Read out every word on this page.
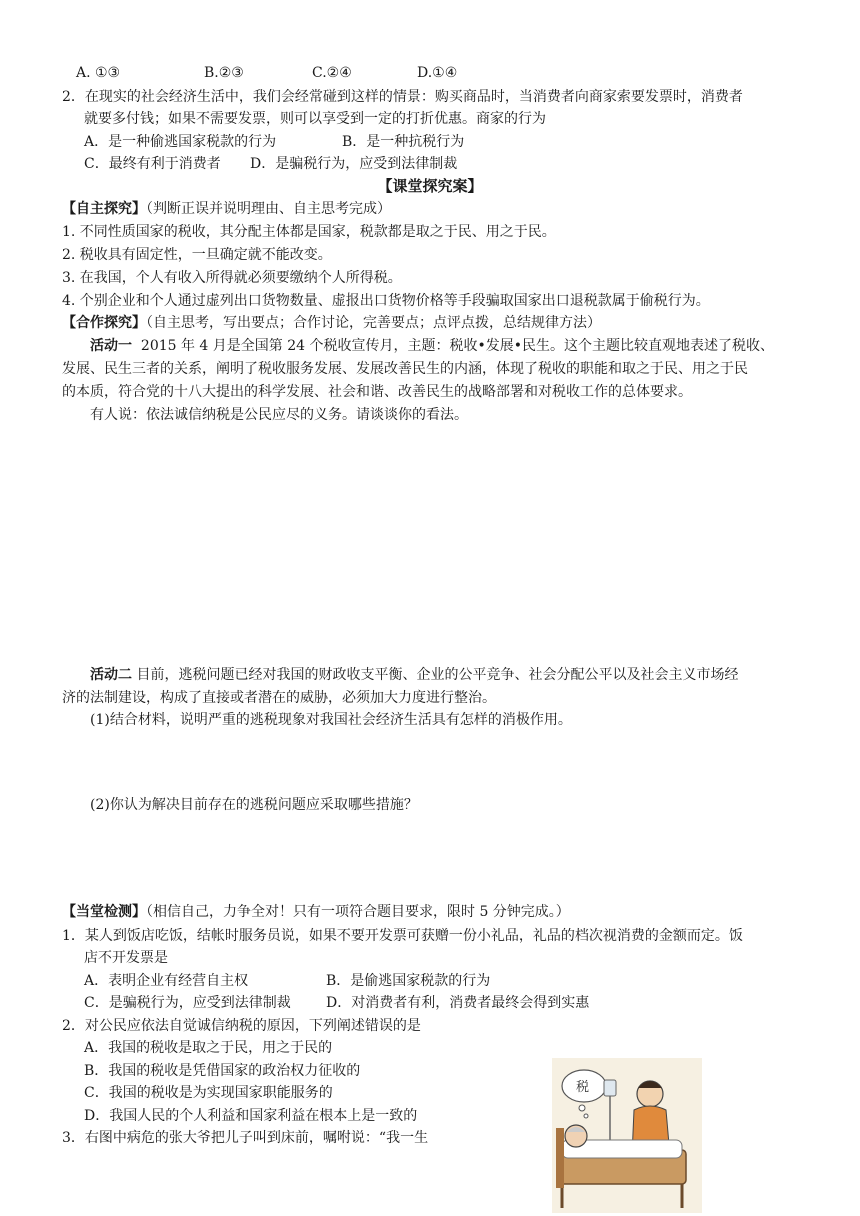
A. ①③	B.②③	C.②④	D.①④
2．在现实的社会经济生活中，我们会经常碰到这样的情景：购买商品时，当消费者向商家索要发票时，消费者
就要多付钱；如果不需要发票，则可以享受到一定的打折优惠。商家的行为
A．是一种偷逃国家税款的行为	B．是一种抗税行为
C．最终有利于消费者 D．是骗税行为，应受到法律制裁
【课堂探究案】
【自主探究】（判断正误并说明理由、自主思考完成）
1. 不同性质国家的税收，其分配主体都是国家，税款都是取之于民、用之于民。
2. 税收具有固定性，一旦确定就不能改变。
3. 在我国，个人有收入所得就必须要缴纳个人所得税。
4. 个别企业和个人通过虚列出口货物数量、虚报出口货物价格等手段骗取国家出口退税款属于偷税行为。
【合作探究】（自主思考，写出要点；合作讨论，完善要点；点评点拨，总结规律方法）
活动一 2015 年 4 月是全国第 24 个税收宣传月，主题：税收•发展•民生。这个主题比较直观地表述了税收、
发展、民生三者的关系，阐明了税收服务发展、发展改善民生的内涵，体现了税收的职能和取之于民、用之于民
的本质，符合党的十八大提出的科学发展、社会和谐、改善民生的战略部署和对税收工作的总体要求。
有人说：依法诚信纳税是公民应尽的义务。请谈谈你的看法。
活动二 目前，逃税问题已经对我国的财政收支平衡、企业的公平竞争、社会分配公平以及社会主义市场经
济的法制建设，构成了直接或者潜在的威胁，必须加大力度进行整治。
(1)结合材料，说明严重的逃税现象对我国社会经济生活具有怎样的消极作用。
(2)你认为解决目前存在的逃税问题应采取哪些措施？
【当堂检测】（相信自己，力争全对！只有一项符合题目要求，限时 5 分钟完成。）
1．某人到饭店吃饭，结帐时服务员说，如果不要开发票可获赠一份小礼品，礼品的档次视消费的金额而定。饭
店不开发票是
A．表明企业有经营自主权	B．是偷逃国家税款的行为
C．是骗税行为，应受到法律制裁	D．对消费者有利，消费者最终会得到实惠
2．对公民应依法自觉诚信纳税的原因，下列阐述错误的是
A．我国的税收是取之于民，用之于民的
B．我国的税收是凭借国家的政治权力征收的
C．我国的税收是为实现国家职能服务的
D．我国人民的个人利益和国家利益在根本上是一致的
3．右图中病危的张大爷把儿子叫到床前，嘱咐说：“我一生
税
